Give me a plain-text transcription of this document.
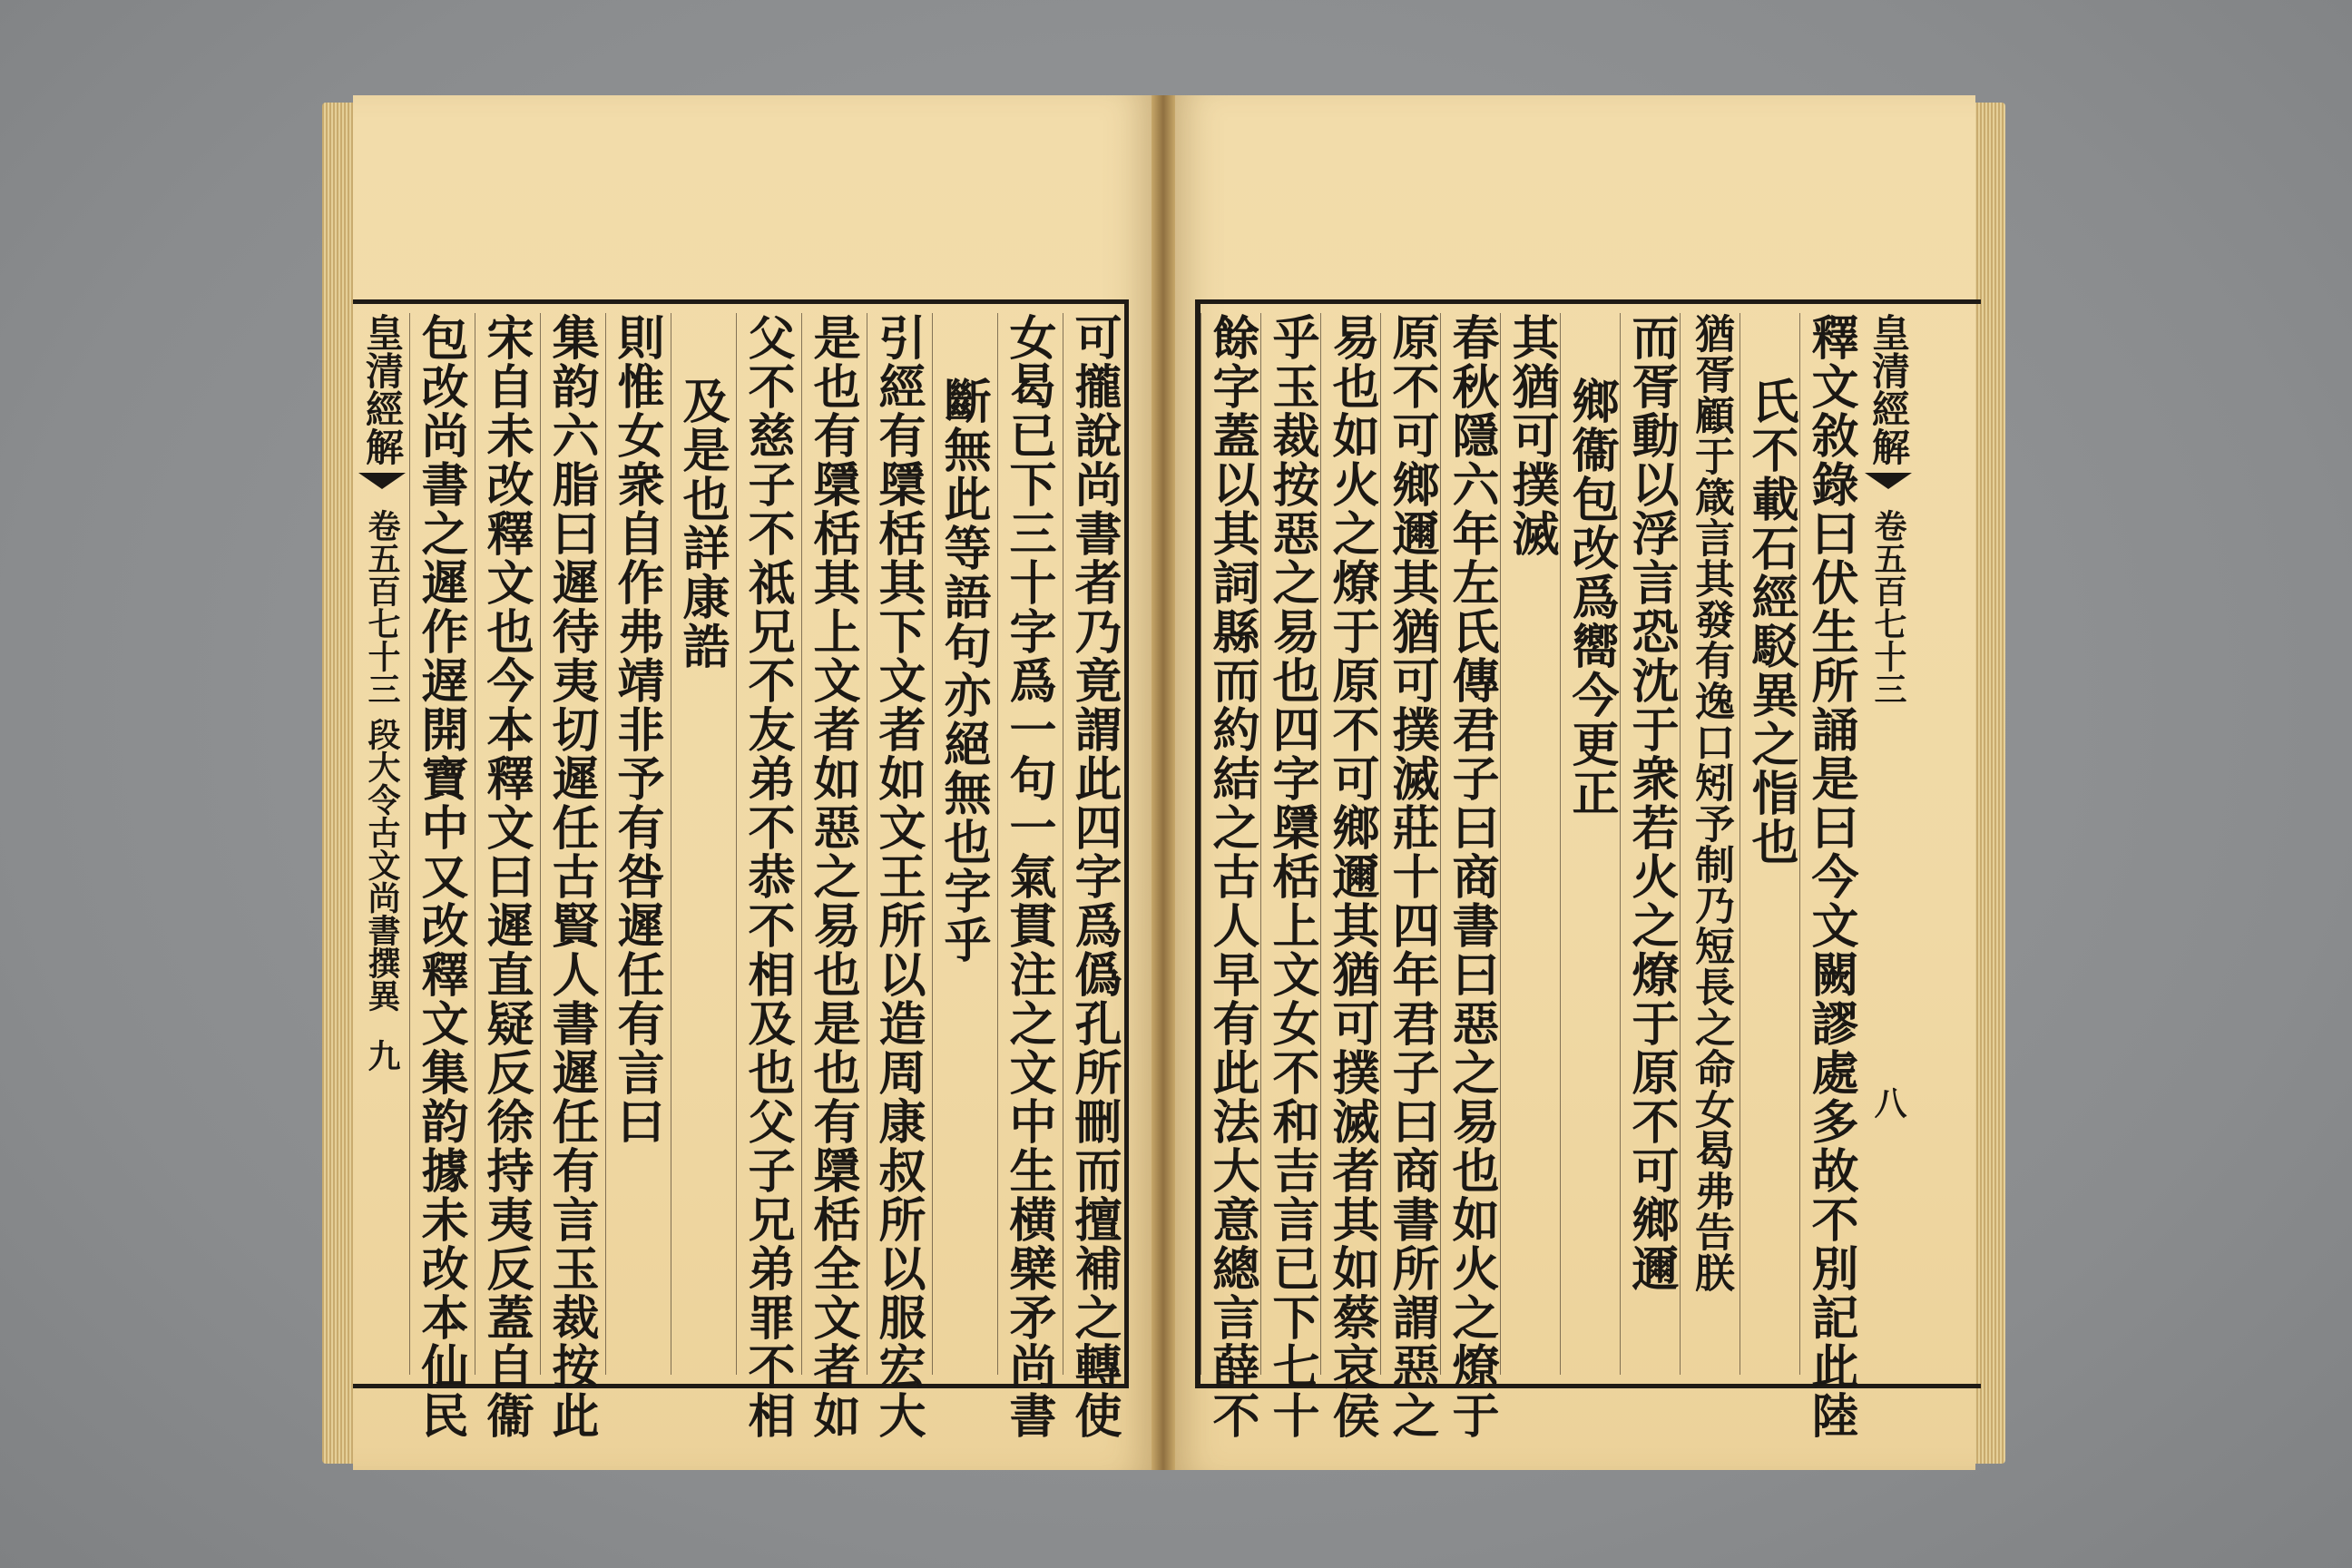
皇清經解
卷五百七十三
段大令古文尚書撰異
九 包改尚書之遲作遟開寶中又改釋文集韵據未改本仙民 宋自未改釋文也今本釋文曰遲直疑反徐持夷反蓋自衞 集韵六脂曰遲待夷切遲任古賢人書遲任有言玉裁按此 則惟女衆自作弗靖非予有咎遲任有言曰 及是也詳康誥 父不慈子不祗兄不友弟不恭不相及也父子兄弟罪不相 是也有檃栝其上文者如惡之易也是也有檃栝全文者如 引經有檃栝其下文者如文王所以造周康叔所以服宏大 斷無此等語句亦絕無也字乎 女曷已下三十字爲一句一氣貫注之文中生横檗矛尚書 可攏說尚書者乃竟謂此四字爲僞孔所刪而擅補之轉使 餘字蓋以其詞縣而約結之古人早有此法大意總言薛不 乎玉裁按惡之易也四字檃栝上文女不和吉言已下七十 易也如火之燎于原不可鄉邇其猶可撲滅者其如蔡哀侯 原不可鄉邇其猶可撲滅莊十四年君子曰商書所謂惡之 春秋隱六年左氏傳君子曰商書曰惡之易也如火之燎于 其猶可撲滅 鄉衞包改爲嚮今更正 而胥動以浮言恐沈于衆若火之燎于原不可鄉邇 猶胥顧于箴言其發有逸口矧予制乃短長之命女曷弗告朕 氏不載石經駁異之恉也 釋文敘錄曰伏生所誦是曰今文闕謬處多故不別記此陸 皇清經解
卷五百七十三
八
